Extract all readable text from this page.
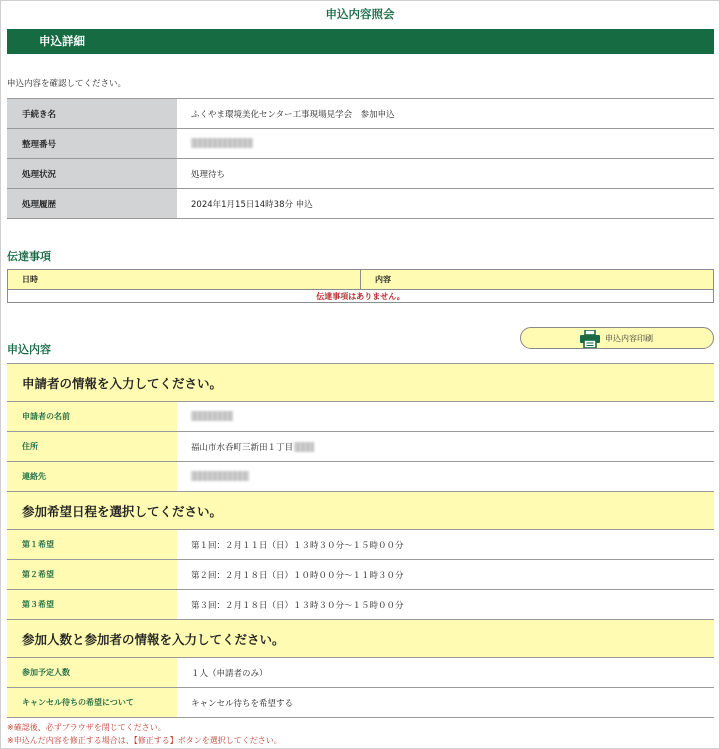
申込内容照会
申込詳細
申込内容を確認してください。
手続き名	ふくやま環境美化センター工事現場見学会　参加申込
整理番号	
処理状況	処理待ち
処理履歴	2024年1月15日14時38分 申込
伝達事項
日時	内容
伝達事項はありません。
申込内容
申込内容印刷
申請者の情報を入力してください。	
申請者の名前	
住所	福山市水呑町三新田１丁目
連絡先	
参加希望日程を選択してください。	
第１希望	第１回：２月１１日（日）１３時３０分～１５時００分
第２希望	第２回：２月１８日（日）１０時００分～１１時３０分
第３希望	第３回：２月１８日（日）１３時３０分～１５時００分
参加人数と参加者の情報を入力してください。	
参加予定人数	１人（申請者のみ）
キャンセル待ちの希望について	キャンセル待ちを希望する
※確認後、必ずブラウザを閉じてください。
※申込んだ内容を修正する場合は、【修正する】ボタンを選択してください。
